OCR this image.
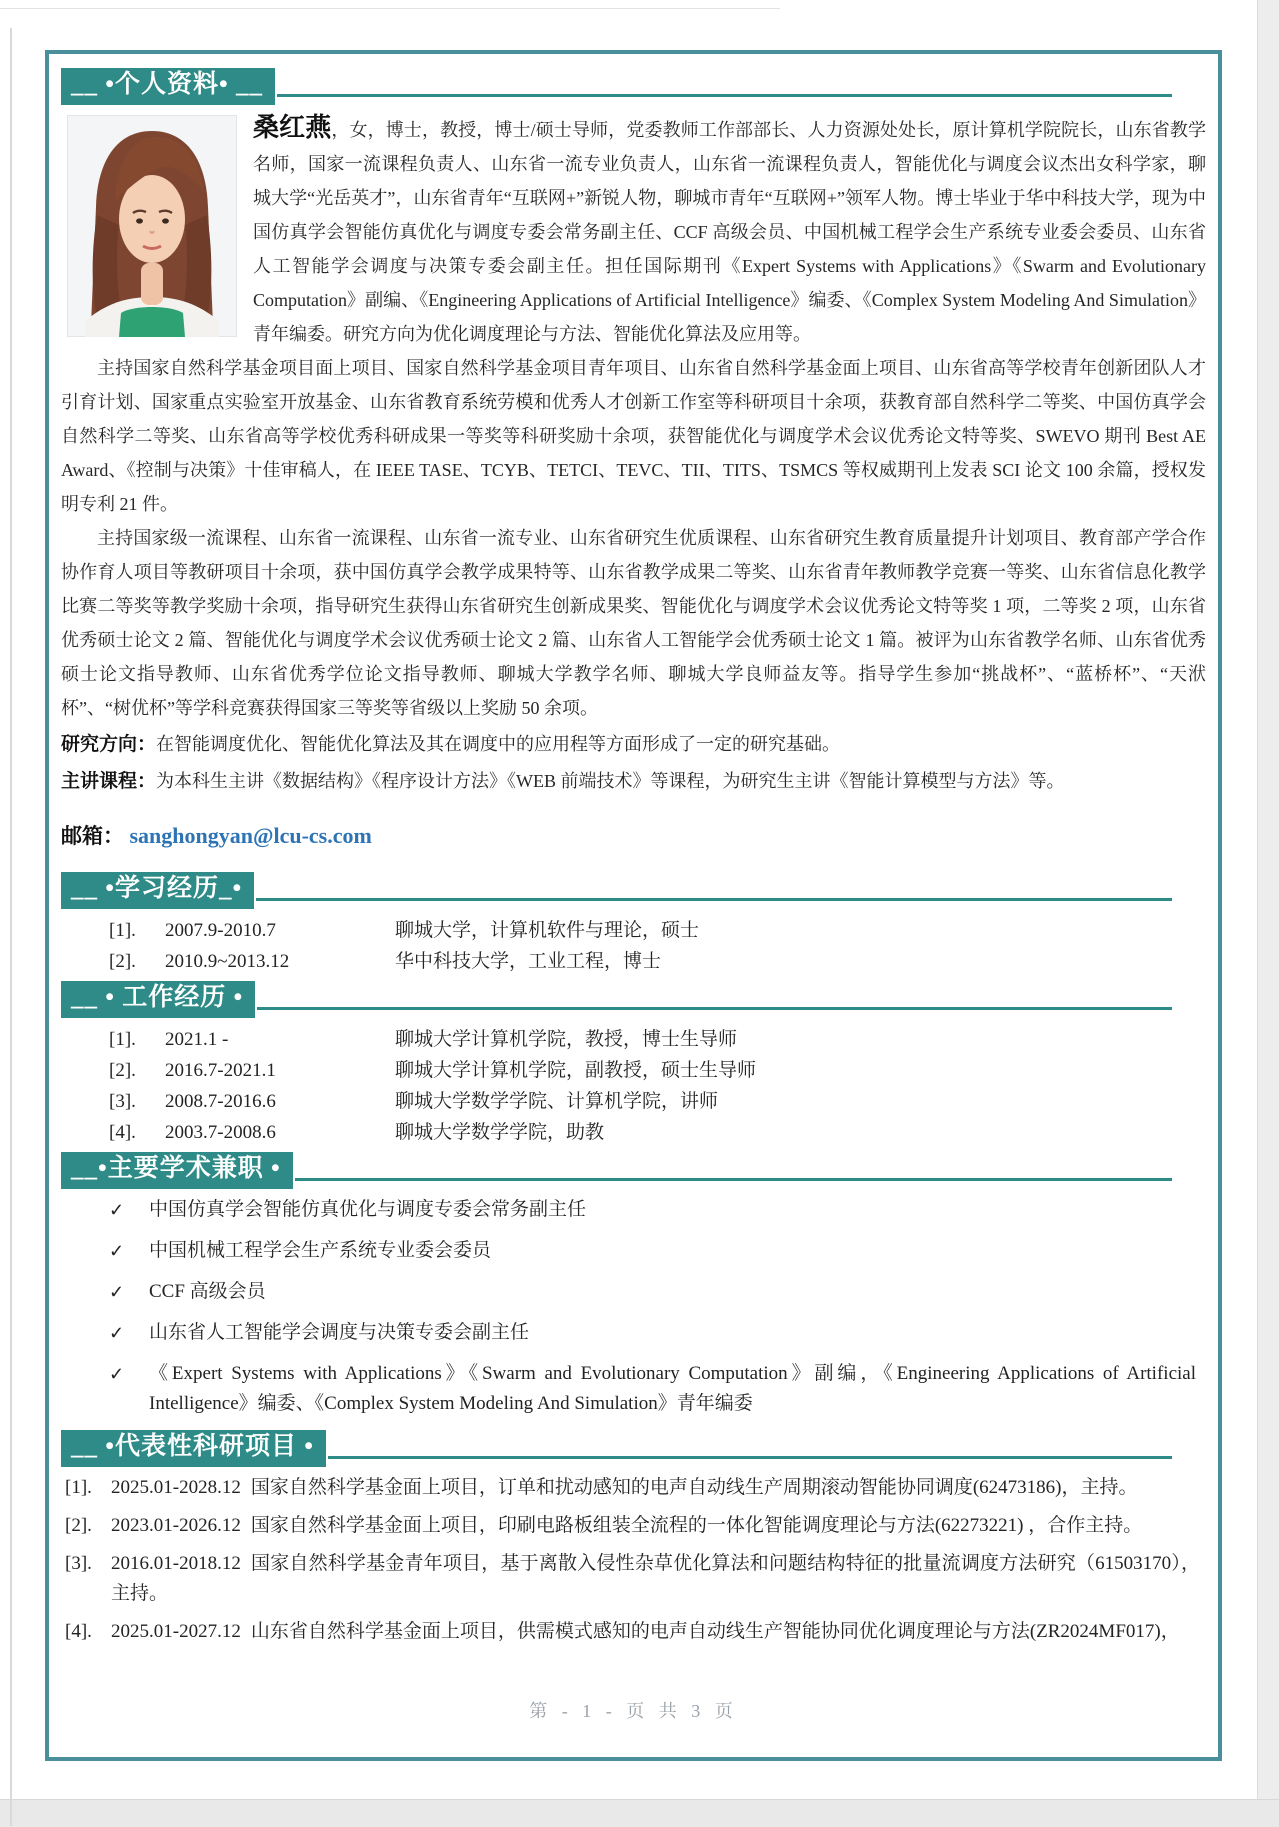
__ •个人资料• __

桑红燕，女，博士，教授，博士/硕士导师，党委教师工作部部长、人力资源处处长，原计算机学院院长，山东省教学名师，国家一流课程负责人、山东省一流专业负责人，山东省一流课程负责人，智能优化与调度会议杰出女科学家，聊城大学“光岳英才”，山东省青年“互联网+”新锐人物，聊城市青年“互联网+”领军人物。博士毕业于华中科技大学，现为中国仿真学会智能仿真优化与调度专委会常务副主任、CCF 高级会员、中国机械工程学会生产系统专业委会委员、山东省人工智能学会调度与决策专委会副主任。担任国际期刊《Expert Systems with Applications》《Swarm and Evolutionary Computation》副编、《Engineering Applications of Artificial Intelligence》编委、《Complex System Modeling And Simulation》青年编委。研究方向为优化调度理论与方法、智能优化算法及应用等。

主持国家自然科学基金项目面上项目、国家自然科学基金项目青年项目、山东省自然科学基金面上项目、山东省高等学校青年创新团队人才引育计划、国家重点实验室开放基金、山东省教育系统劳模和优秀人才创新工作室等科研项目十余项，获教育部自然科学二等奖、中国仿真学会自然科学二等奖、山东省高等学校优秀科研成果一等奖等科研奖励十余项，获智能优化与调度学术会议优秀论文特等奖、SWEVO 期刊 Best AE Award、《控制与决策》十佳审稿人，在 IEEE TASE、TCYB、TETCI、TEVC、TII、TITS、TSMCS 等权威期刊上发表 SCI 论文 100 余篇，授权发明专利 21 件。

主持国家级一流课程、山东省一流课程、山东省一流专业、山东省研究生优质课程、山东省研究生教育质量提升计划项目、教育部产学合作协作育人项目等教研项目十余项，获中国仿真学会教学成果特等、山东省教学成果二等奖、山东省青年教师教学竞赛一等奖、山东省信息化教学比赛二等奖等教学奖励十余项，指导研究生获得山东省研究生创新成果奖、智能优化与调度学术会议优秀论文特等奖 1 项，二等奖 2 项，山东省优秀硕士论文 2 篇、智能优化与调度学术会议优秀硕士论文 2 篇、山东省人工智能学会优秀硕士论文 1 篇。被评为山东省教学名师、山东省优秀硕士论文指导教师、山东省优秀学位论文指导教师、聊城大学教学名师、聊城大学良师益友等。指导学生参加“挑战杯”、“蓝桥杯”、“天洑杯”、“树优杯”等学科竞赛获得国家三等奖等省级以上奖励 50 余项。

研究方向：在智能调度优化、智能优化算法及其在调度中的应用程等方面形成了一定的研究基础。

主讲课程：为本科生主讲《数据结构》《程序设计方法》《WEB 前端技术》等课程，为研究生主讲《智能计算模型与方法》等。

邮箱： sanghongyan@lcu-cs.com

__ •学习经历_•
[1].	2007.9-2010.7	聊城大学，计算机软件与理论，硕士
[2].	2010.9~2013.12	华中科技大学，工业工程，博士
__ • 工作经历 •
[1].	2021.1 -	聊城大学计算机学院，教授，博士生导师
[2].	2016.7-2021.1	聊城大学计算机学院，副教授，硕士生导师
[3].	2008.7-2016.6	聊城大学数学学院、计算机学院，讲师
[4].	2003.7-2008.6	聊城大学数学学院，助教
__•主要学术兼职 •
✓ 中国仿真学会智能仿真优化与调度专委会常务副主任
✓ 中国机械工程学会生产系统专业委会委员
✓ CCF 高级会员
✓ 山东省人工智能学会调度与决策专委会副主任
✓ 《Expert Systems with Applications》《Swarm and Evolutionary Computation》副编，《Engineering Applications of Artificial Intelligence》编委、《Complex System Modeling And Simulation》青年编委
__ •代表性科研项目 •
[1]. 2025.01-2028.12 国家自然科学基金面上项目，订单和扰动感知的电声自动线生产周期滚动智能协同调度(62473186)，主持。
[2]. 2023.01-2026.12 国家自然科学基金面上项目，印刷电路板组装全流程的一体化智能调度理论与方法(62273221) ，合作主持。
[3]. 2016.01-2018.12 国家自然科学基金青年项目，基于离散入侵性杂草优化算法和问题结构特征的批量流调度方法研究（61503170），主持。
[4]. 2025.01-2027.12 山东省自然科学基金面上项目，供需模式感知的电声自动线生产智能协同优化调度理论与方法(ZR2024MF017)，
第 - 1 - 页 共 3 页
